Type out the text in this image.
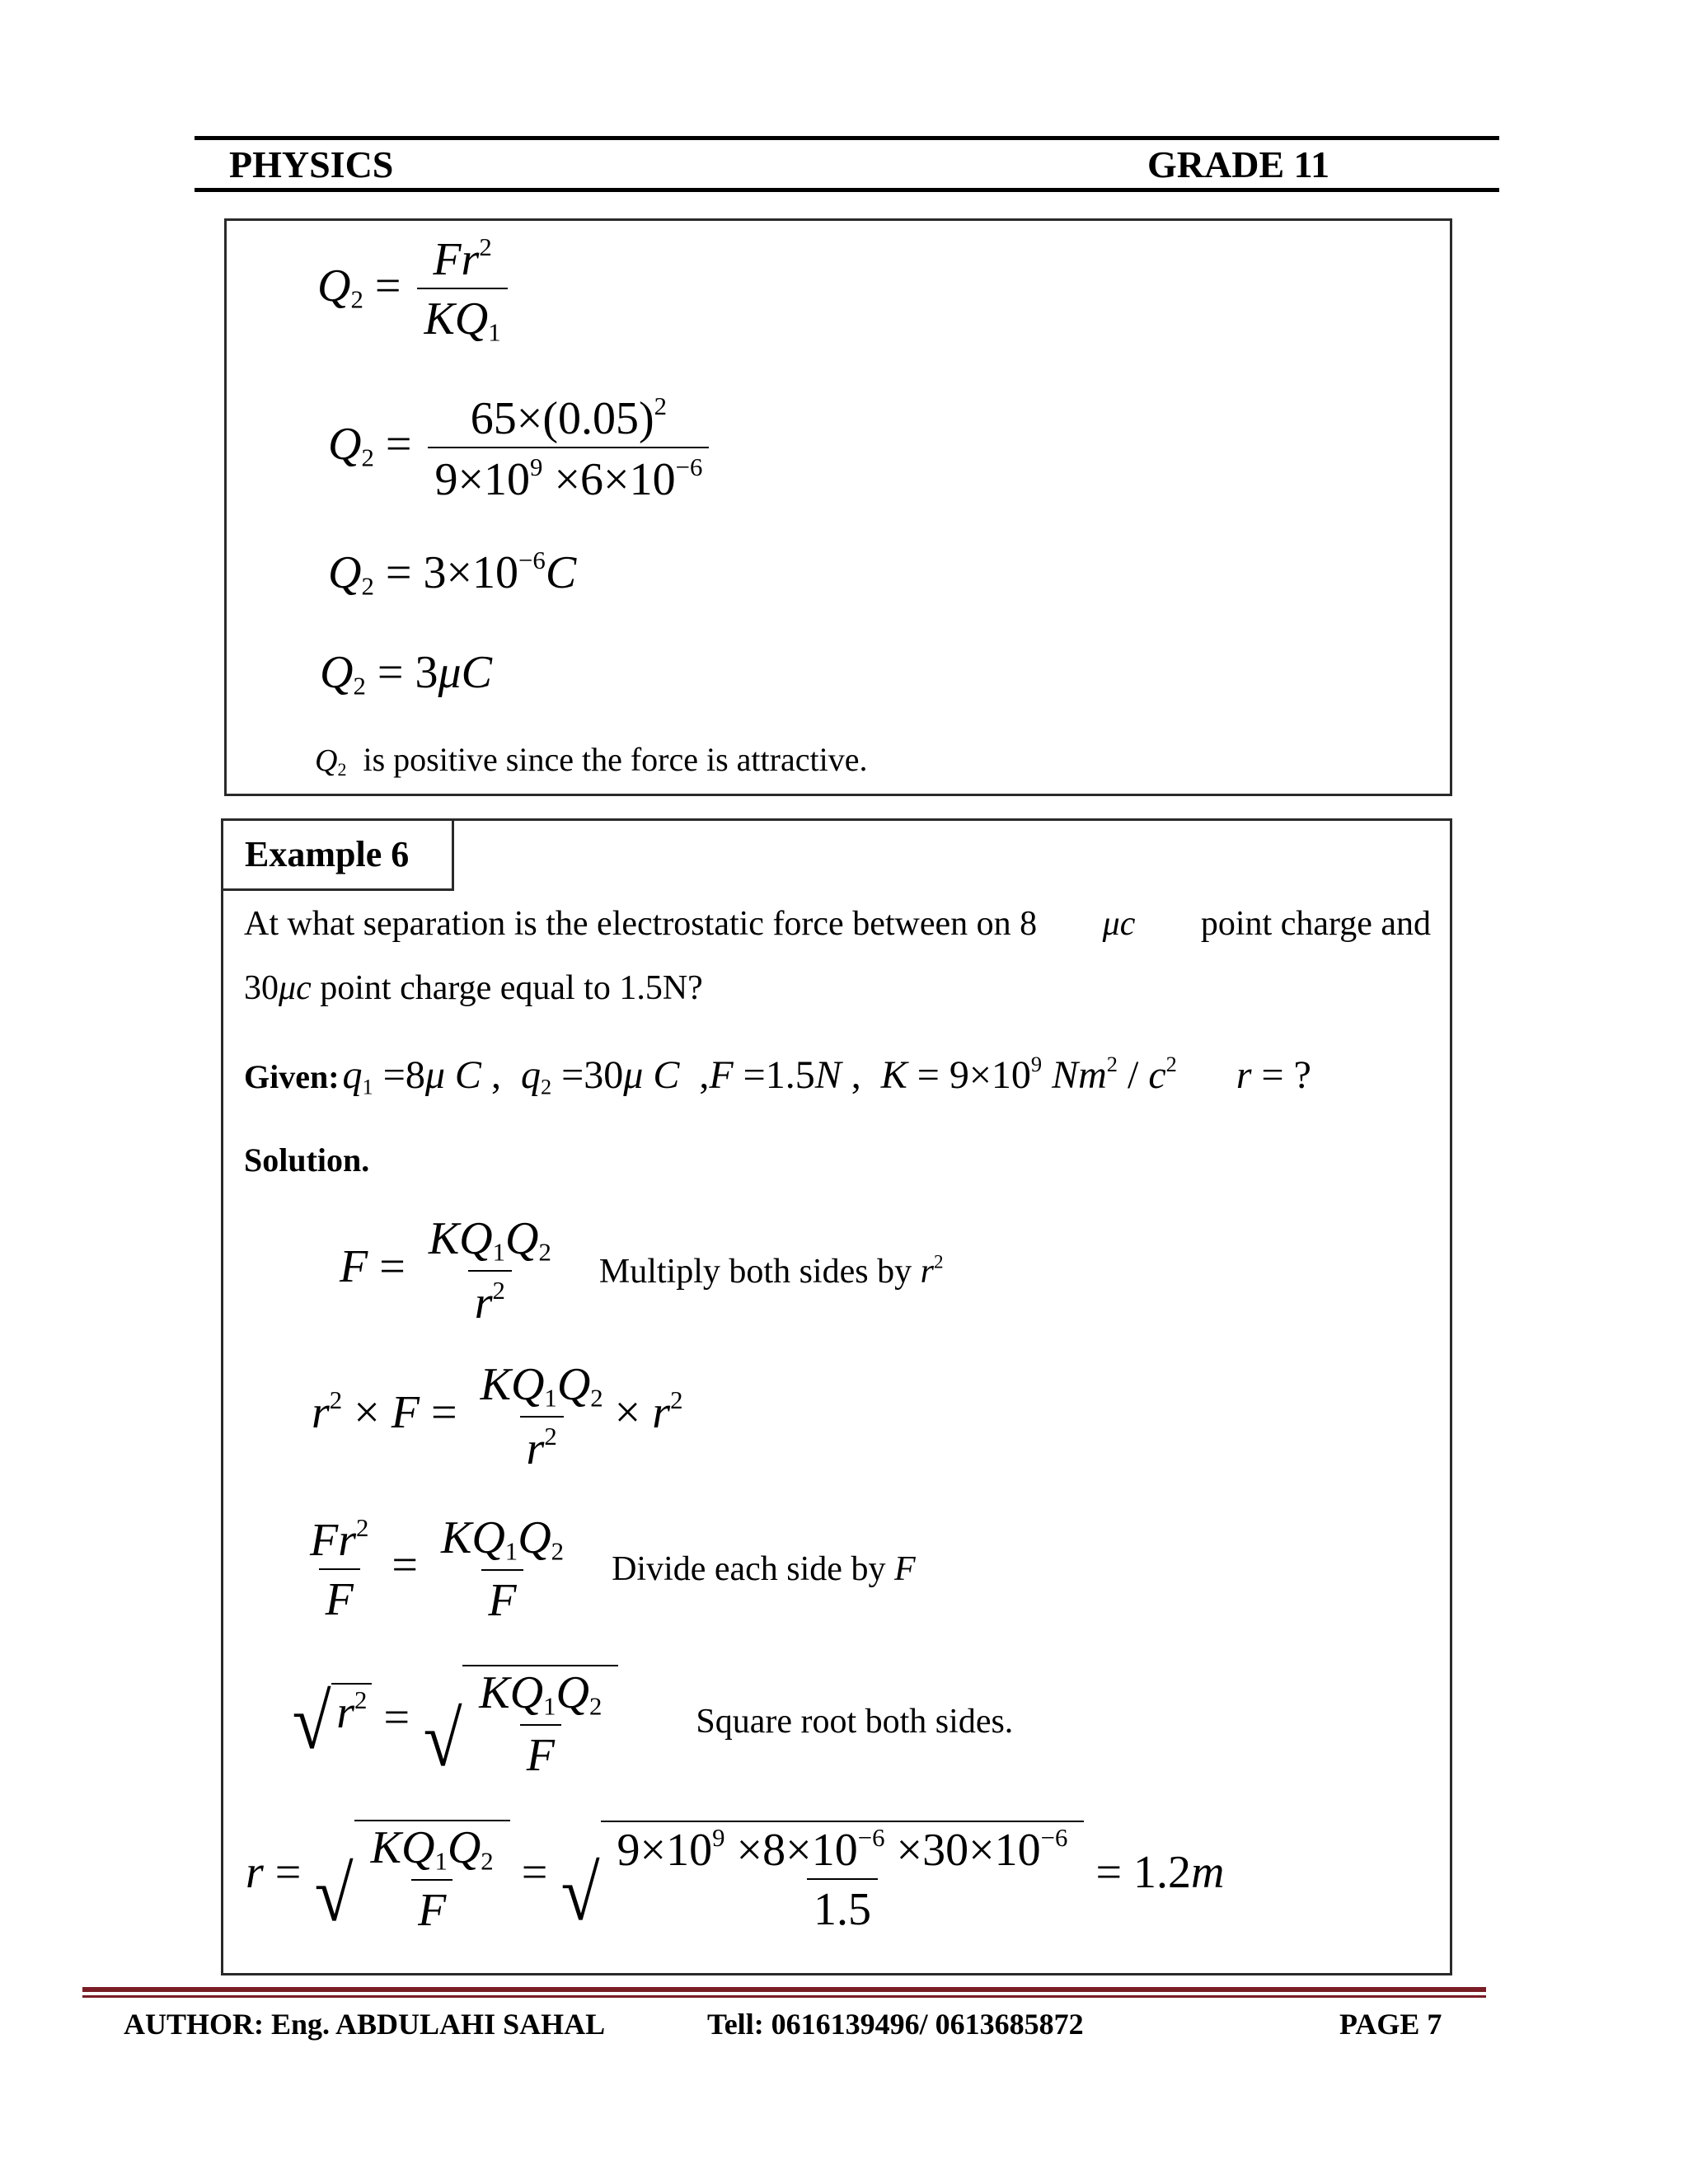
PHYSICS	GRADE 11
$Q_2 = \frac{Fr^2}{KQ_1}$
$Q_2 = \frac{65\times(0.05)^2}{9\times 10^9 \times 6\times 10^{-6}}$
$Q_2 = 3\times 10^{-6}C$
$Q_2 = 3\mu C$
$Q_2$ is positive since the force is attractive.
Example 6
At what separation is the electrostatic force between on 8 μc point charge and
30μc point charge equal to 1.5N?
Given: $q_1 =8\mu$ C ,  $q_2 =30\mu$ C  ,F =1.5N ,  $K = 9\times 10^9$ $Nm^2 / c^2$ r = ?
Solution.
$F = \frac{KQ_1Q_2}{r^2}$ Multiply both sides by $r^2$
$r^2 \times F = \frac{KQ_1Q_2}{r^2} \times r^2$
$\frac{Fr^2}{F} = \frac{KQ_1Q_2}{F}$ Divide each side by F
√ $r^2$ = √ $\frac{KQ_1Q_2}{F}$	Square root both sides.
r = √ $\frac{KQ_1Q_2}{F}$ = √ $\frac{9\times 10^9 \times 8\times 10^{-6} \times 30\times 10^{-6}}{1.5} = 1.2m$
AUTHOR: Eng. ABDULAHI SAHAL	Tell: 0616139496/ 0613685872	PAGE 7
